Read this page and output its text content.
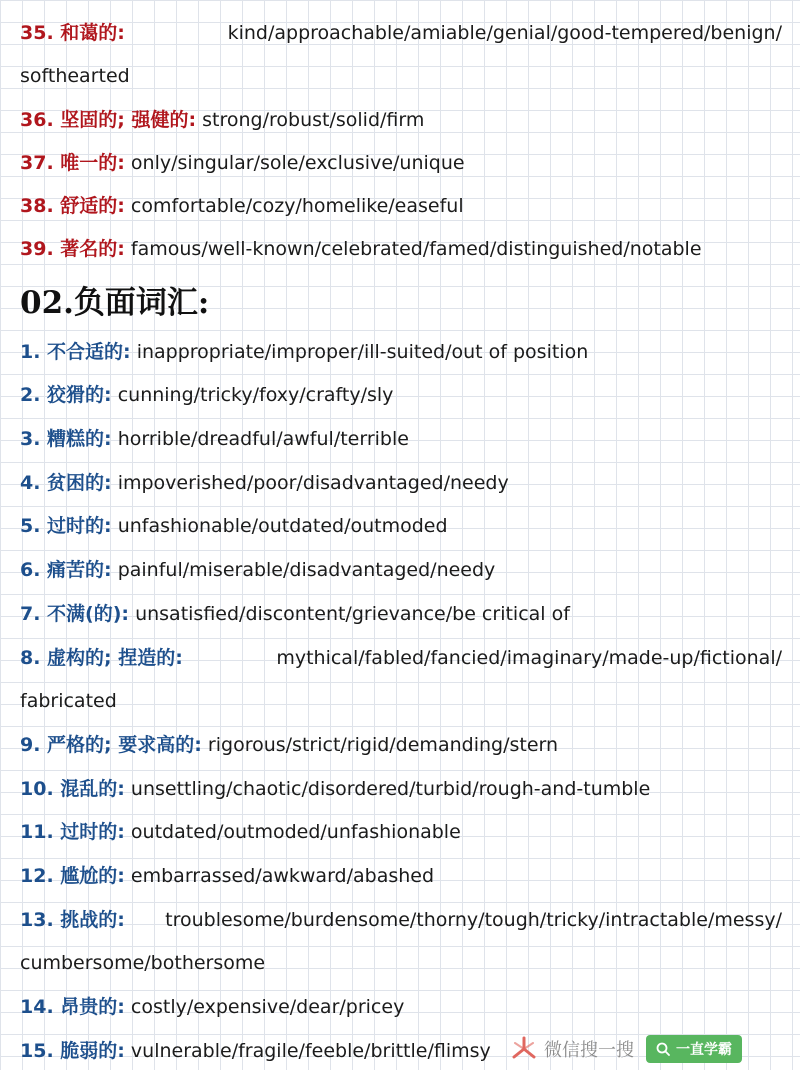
35. 和蔼的:	kind/approachable/amiable/genial/good-tempered/benign/
softhearted
36. 坚固的; 强健的: strong/robust/solid/firm
37. 唯一的: only/singular/sole/exclusive/unique
38. 舒适的: comfortable/cozy/homelike/easeful
39. 著名的: famous/well-known/celebrated/famed/distinguished/notable
02.负面词汇:
1. 不合适的: inappropriate/improper/ill-suited/out of position
2. 狡猾的: cunning/tricky/foxy/crafty/sly
3. 糟糕的: horrible/dreadful/awful/terrible
4. 贫困的: impoverished/poor/disadvantaged/needy
5. 过时的: unfashionable/outdated/outmoded
6. 痛苦的: painful/miserable/disadvantaged/needy
7. 不满(的): unsatisfied/discontent/grievance/be critical of
8. 虚构的; 捏造的:	mythical/fabled/fancied/imaginary/made-up/fictional/
fabricated
9. 严格的; 要求高的: rigorous/strict/rigid/demanding/stern
10. 混乱的: unsettling/chaotic/disordered/turbid/rough-and-tumble
11. 过时的: outdated/outmoded/unfashionable
12. 尴尬的: embarrassed/awkward/abashed
13. 挑战的: troublesome/burdensome/thorny/tough/tricky/intractable/messy/
cumbersome/bothersome
14. 昂贵的: costly/expensive/dear/pricey
15. 脆弱的: vulnerable/fragile/feeble/brittle/flimsy	微信搜一搜	一直学霸
